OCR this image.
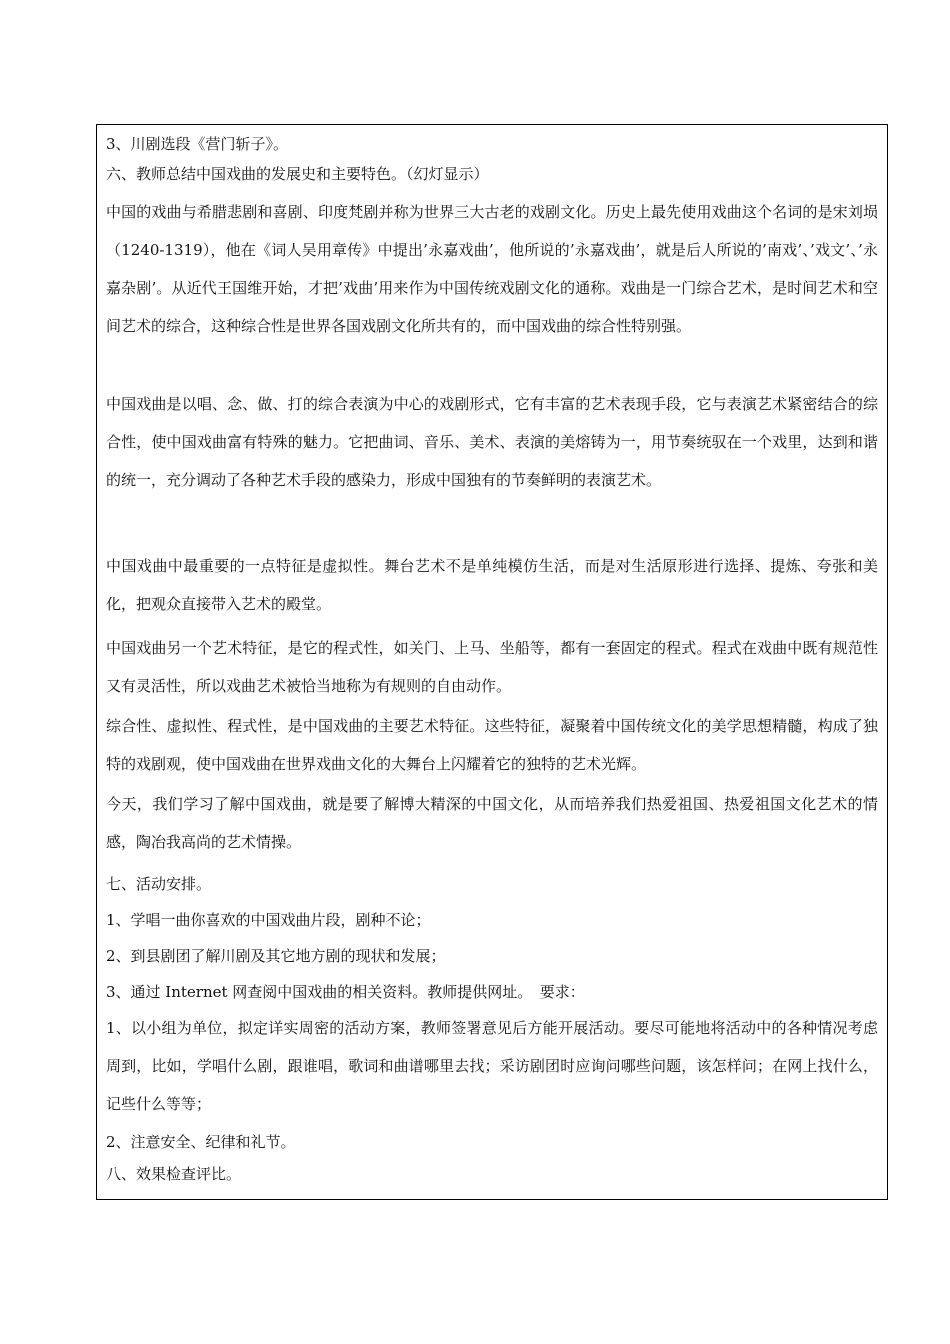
3、川剧选段《营门斩子》。

六、教师总结中国戏曲的发展史和主要特色。（幻灯显示）

中国的戏曲与希腊悲剧和喜剧、印度梵剧并称为世界三大古老的戏剧文化。历史上最先使用戏曲这个名词的是宋刘埙（1240-1319），他在《词人吴用章传》中提出’永嘉戏曲’，他所说的’永嘉戏曲’，就是后人所说的’南戏’、’戏文’、’永嘉杂剧’。从近代王国维开始，才把’戏曲’用来作为中国传统戏剧文化的通称。戏曲是一门综合艺术，是时间艺术和空间艺术的综合，这种综合性是世界各国戏剧文化所共有的，而中国戏曲的综合性特别强。

中国戏曲是以唱、念、做、打的综合表演为中心的戏剧形式，它有丰富的艺术表现手段，它与表演艺术紧密结合的综合性，使中国戏曲富有特殊的魅力。它把曲词、音乐、美术、表演的美熔铸为一，用节奏统驭在一个戏里，达到和谐的统一，充分调动了各种艺术手段的感染力，形成中国独有的节奏鲜明的表演艺术。

中国戏曲中最重要的一点特征是虚拟性。舞台艺术不是单纯模仿生活，而是对生活原形进行选择、提炼、夸张和美化，把观众直接带入艺术的殿堂。

中国戏曲另一个艺术特征，是它的程式性，如关门、上马、坐船等，都有一套固定的程式。程式在戏曲中既有规范性又有灵活性，所以戏曲艺术被恰当地称为有规则的自由动作。

综合性、虚拟性、程式性，是中国戏曲的主要艺术特征。这些特征，凝聚着中国传统文化的美学思想精髓，构成了独特的戏剧观，使中国戏曲在世界戏曲文化的大舞台上闪耀着它的独特的艺术光辉。

今天，我们学习了解中国戏曲，就是要了解博大精深的中国文化，从而培养我们热爱祖国、热爱祖国文化艺术的情感，陶冶我高尚的艺术情操。

七、活动安排。

1、学唱一曲你喜欢的中国戏曲片段，剧种不论；

2、到县剧团了解川剧及其它地方剧的现状和发展；

3、通过 Internet 网查阅中国戏曲的相关资料。教师提供网址。　要求：

1、以小组为单位，拟定详实周密的活动方案，教师签署意见后方能开展活动。要尽可能地将活动中的各种情况考虑周到，比如，学唱什么剧，跟谁唱，歌词和曲谱哪里去找；采访剧团时应询问哪些问题，该怎样问；在网上找什么，记些什么等等；

2、注意安全、纪律和礼节。

八、效果检查评比。
